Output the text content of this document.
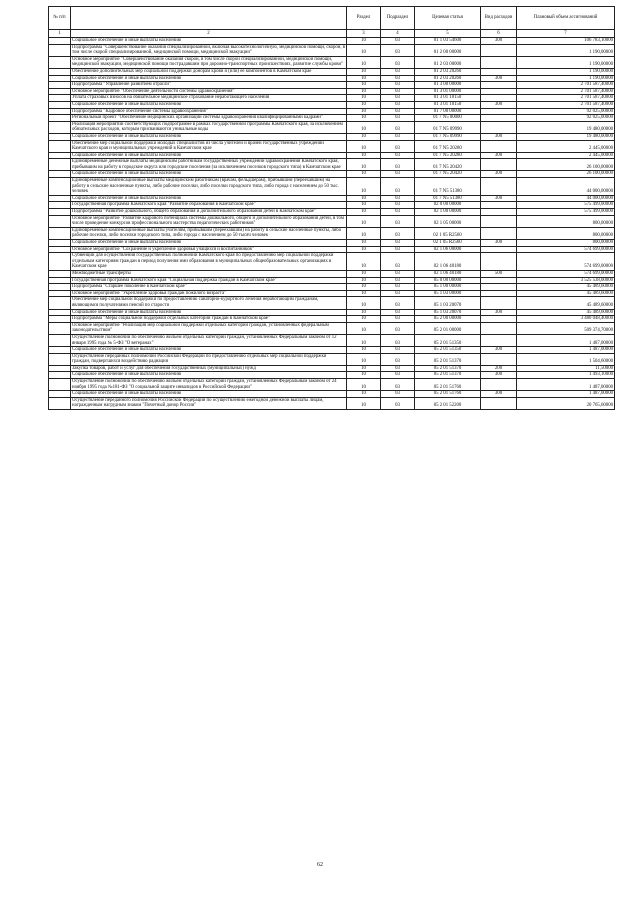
№ п/п		Раздел	Подраздел	Целевая статья	Вид расходов	Плановый объем ассигнований
1	2	3	4	5	6	7
	Социальное обеспечение и иные выплаты населению	10	03	01 1 03 54600	300	106 783,10000
	Подпрограмма "Совершенствование оказания специализированной, включая высокотехнологичную, медицинской помощи, скорой, в том числе скорой специализированной, медицинской помощи, медицинской эвакуации"	10	03	01 2 00 00000		1 190,00000
	Основное мероприятие "Совершенствование оказания скорой, в том числе скорой специализированной, медицинской помощи, медицинской эвакуации, медицинской помощи пострадавшим при дорожно-транспортных происшествиях, развитие службы крови"	10	03	01 2 03 00000		1 190,00000
	Обеспечение дополнительных мер социальной поддержки донорам крови и (или) ее компонентов в Камчатском крае	10	03	01 2 03 20260		1 190,00000
	Социальное обеспечение и иные выплаты населению	10	03	01 2 03 20260	300	1 190,00000
	Подпрограмма "Управление развитием отрасли"	10	03	01 3 00 00000		2 701 587,40000
	Основное мероприятие "Обеспечение деятельности системы здравоохранения"	10	03	01 3 01 00000		2 701 587,40000
	Уплата страховых взносов на обязательное медицинское страхование неработающего населения	10	03	01 3 01 10150		2 701 587,40000
	Социальное обеспечение и иные выплаты населению	10	03	01 3 01 10150	300	2 701 587,40000
	Подпрограмма "Кадровое обеспечение системы здравоохранения"	10	03	01 7 00 00000		92 025,00000
	Региональный проект "Обеспечение медицинских организаций системы здравоохранения квалифицированными кадрами"	10	03	01 7 N5 00000		92 025,00000
	Реализация мероприятий соответствующих подпрограмме в рамках государственной программы Камчатского края, за исключением обязательных расходов, которым присваиваются уникальные коды	10	03	01 7 N5 09990		19 480,00000
	Социальное обеспечение и иные выплаты населению	10	03	01 7 N5 09990	300	19 480,00000
	Обеспечение мер социальной поддержки молодых специалистов из числа учителей и врачей государственных учреждений Камчатского края и муниципальных учреждений в Камчатском крае	10	03	01 7 N5 20280		2 445,00000
	Социальное обеспечение и иные выплаты населению	10	03	01 7 N5 20280	300	2 445,00000
	Единовременные денежные выплаты медицинским работникам государственных учреждений здравоохранения Камчатского края, прибывшим на работу в городские округа или городские поселения (за исключением поселков городского типа) в Камчатском крае	10	03	01 7 N5 20420		26 100,00000
	Социальное обеспечение и иные выплаты населению	10	03	01 7 N5 20420	300	26 100,00000
	Единовременные компенсационные выплаты медицинским работникам (врачам, фельдшерам), прибывшим (переехавшим) на работу в сельские населенные пункты, либо рабочие поселки, либо поселки городского типа, либо города с населением до 50 тыс. человек	10	03	01 7 N5 51380		44 000,00000
	Социальное обеспечение и иные выплаты населению	10	03	01 7 N5 51380	300	44 000,00000
	Государственная программа Камчатского края "Развитие образования в Камчатском крае"	10	03	02 0 00 00000		575 499,00000
	Подпрограмма "Развитие дошкольного, общего образования и дополнительного образования детей в Камчатском крае"	10	03	02 1 00 00000		575 499,00000
	Основное мероприятие "Развитие кадрового потенциала системы дошкольного, общего и дополнительного образования детей, в том числе проведение конкурсов профессионального мастерства педагогических работников"	10	03	02 1 05 00000		800,00000
	Единовременные компенсационные выплаты учителям, прибывшим (переехавшим) на работу в сельские населенные пункты, либо рабочие поселки, либо поселки городского типа, либо города с населением до 50 тысяч человек	10	03	02 1 05 R2560		800,00000
	Социальное обеспечение и иные выплаты населению	10	03	02 1 05 R2560	300	800,00000
	Основное мероприятие "Сохранение и укрепление здоровья учащихся и воспитанников"	10	03	02 1 06 00000		574 699,00000
	Субвенции для осуществления государственных полномочий Камчатского края по предоставлению мер социальной поддержки отдельным категориям граждан в период получения ими образования в муниципальных общеобразовательных организациях в Камчатском крае	10	03	02 1 06 40180		574 699,00000
	Межбюджетные трансферты	10	03	02 1 06 40180	500	574 699,00000
	Государственная программа Камчатского края "Социальная поддержка граждан в Камчатском крае"	10	03	05 0 00 00000		3 525 538,00000
	Подпрограмма "Старшее поколение в Камчатском крае"	10	03	05 1 00 00000		45 489,60000
	Основное мероприятие "Укрепление здоровья граждан пожилого возраста"	10	03	05 1 03 00000		45 489,60000
	Обеспечение мер социальной поддержки по предоставлению санаторно-курортного лечения неработающим гражданам, являющимся получателями пенсий по старости	10	03	05 1 03 20070		45 489,60000
	Социальное обеспечение и иные выплаты населению	10	03	05 1 03 20070	300	45 489,60000
	Подпрограмма "Меры социальной поддержки отдельных категорий граждан в Камчатском крае"	10	03	05 2 00 00000		3 480 048,40000
	Основное мероприятие "Реализация мер социальной поддержки отдельных категорий граждан, установленных федеральным законодательством"	10	03	05 2 01 00000		509 374,70000
	Осуществление полномочий по обеспечению жильем отдельных категорий граждан, установленных Федеральным законом от 12 января 1995 года № 5-ФЗ "О ветеранах"	10	03	05 2 01 51350		1 487,00000
	Социальное обеспечение и иные выплаты населению	10	03	05 2 01 51350	300	1 487,00000
	Осуществление переданных полномочий Российской Федерации по предоставлению отдельных мер социальной поддержки граждан, подвергшихся воздействию радиации	10	03	05 2 01 51370		1 504,60000
	Закупка товаров, работ и услуг для обеспечения государственных (муниципальных) нужд	10	03	05 2 01 51370	200	11,50000
	Социальное обеспечение и иные выплаты населению	10	03	05 2 01 51370	300	1 493,10000
	Осуществление полномочий по обеспечению жильем отдельных категорий граждан, установленных Федеральным законом от 24 ноября 1995 года №181-ФЗ "О социальной защите инвалидов в Российской Федерации"	10	03	05 2 01 51760		1 487,00000
	Социальное обеспечение и иные выплаты населению	10	03	05 2 01 51760	300	1 487,00000
	Осуществление переданного полномочия Российской Федерации по осуществлению ежегодной денежной выплаты лицам, награжденным нагрудным знаком "Почетный донор России"	10	03	05 2 01 52200		20 765,60000
62
